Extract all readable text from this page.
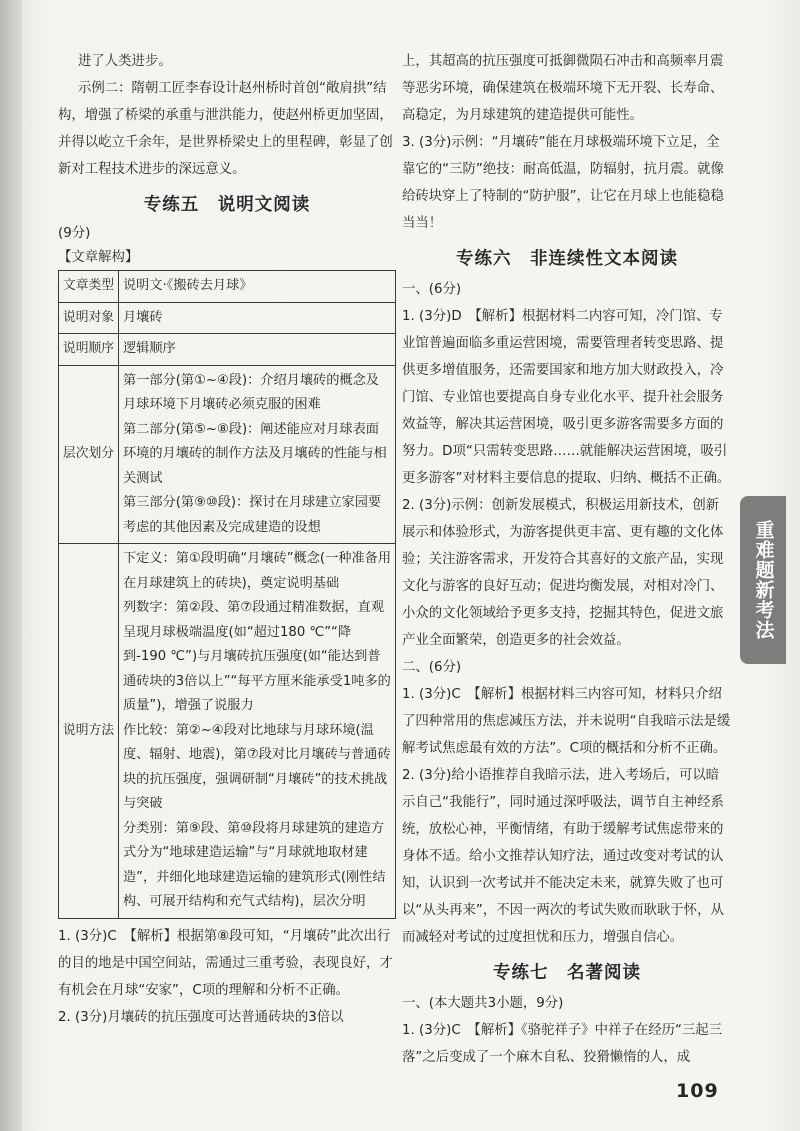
进了人类进步。

示例二：隋朝工匠李春设计赵州桥时首创“敞肩拱”结构，增强了桥梁的承重与泄洪能力，使赵州桥更加坚固，并得以屹立千余年，是世界桥梁史上的里程碑，彰显了创新对工程技术进步的深远意义。

专练五　说明文阅读

(9分)

【文章解构】

文章类型	说明文·《搬砖去月球》
说明对象	月壤砖
说明顺序	逻辑顺序
层次划分	第一部分(第①~④段)：介绍月壤砖的概念及月球环境下月壤砖必须克服的困难
第二部分(第⑤~⑧段)：阐述能应对月球表面环境的月壤砖的制作方法及月壤砖的性能与相关测试
第三部分(第⑨⑩段)：探讨在月球建立家园要考虑的其他因素及完成建造的设想
说明方法	下定义：第①段明确“月壤砖”概念(一种准备用在月球建筑上的砖块)，奠定说明基础
列数字：第②段、第⑦段通过精准数据，直观呈现月球极端温度(如“超过180 ℃”“降到-190 ℃”)与月壤砖抗压强度(如“能达到普通砖块的3倍以上”“每平方厘米能承受1吨多的质量”)，增强了说服力
作比较：第②~④段对比地球与月球环境(温度、辐射、地震)，第⑦段对比月壤砖与普通砖块的抗压强度，强调研制“月壤砖”的技术挑战与突破
分类别：第⑨段、第⑩段将月球建筑的建造方式分为“地球建造运输”与“月球就地取材建造”，并细化地球建造运输的建筑形式(刚性结构、可展开结构和充气式结构)，层次分明

1. (3分)C　【解析】根据第⑧段可知，“月壤砖”此次出行的目的地是中国空间站，需通过三重考验，表现良好，才有机会在月球“安家”，C项的理解和分析不正确。

2. (3分)月壤砖的抗压强度可达普通砖块的3倍以

上，其超高的抗压强度可抵御微陨石冲击和高频率月震等恶劣环境，确保建筑在极端环境下无开裂、长寿命、高稳定，为月球建筑的建造提供可能性。

3. (3分)示例：“月壤砖”能在月球极端环境下立足，全靠它的“三防”绝技：耐高低温，防辐射，抗月震。就像给砖块穿上了特制的“防护服”，让它在月球上也能稳稳当当！

专练六　非连续性文本阅读

一、(6分)

1. (3分)D　【解析】根据材料二内容可知，冷门馆、专业馆普遍面临多重运营困境，需要管理者转变思路、提供更多增值服务，还需要国家和地方加大财政投入，冷门馆、专业馆也要提高自身专业化水平、提升社会服务效益等，解决其运营困境，吸引更多游客需要多方面的努力。D项“只需转变思路……就能解决运营困境，吸引更多游客”对材料主要信息的提取、归纳、概括不正确。

2. (3分)示例：创新发展模式，积极运用新技术，创新展示和体验形式，为游客提供更丰富、更有趣的文化体验；关注游客需求，开发符合其喜好的文旅产品，实现文化与游客的良好互动；促进均衡发展，对相对冷门、小众的文化领域给予更多支持，挖掘其特色，促进文旅产业全面繁荣，创造更多的社会效益。

二、(6分)

1. (3分)C　【解析】根据材料三内容可知，材料只介绍了四种常用的焦虑减压方法，并未说明“自我暗示法是缓解考试焦虑最有效的方法”。C项的概括和分析不正确。

2. (3分)给小语推荐自我暗示法，进入考场后，可以暗示自己“我能行”，同时通过深呼吸法，调节自主神经系统，放松心神，平衡情绪，有助于缓解考试焦虑带来的身体不适。给小文推荐认知疗法，通过改变对考试的认知，认识到一次考试并不能决定未来，就算失败了也可以“从头再来”，不因一两次的考试失败而耿耿于怀，从而减轻对考试的过度担忧和压力，增强自信心。

专练七　名著阅读

一、(本大题共3小题，9分)

1. (3分)C　【解析】《骆驼祥子》中祥子在经历“三起三落”之后变成了一个麻木自私、狡猾懒惰的人，成

重难题新考法
109
